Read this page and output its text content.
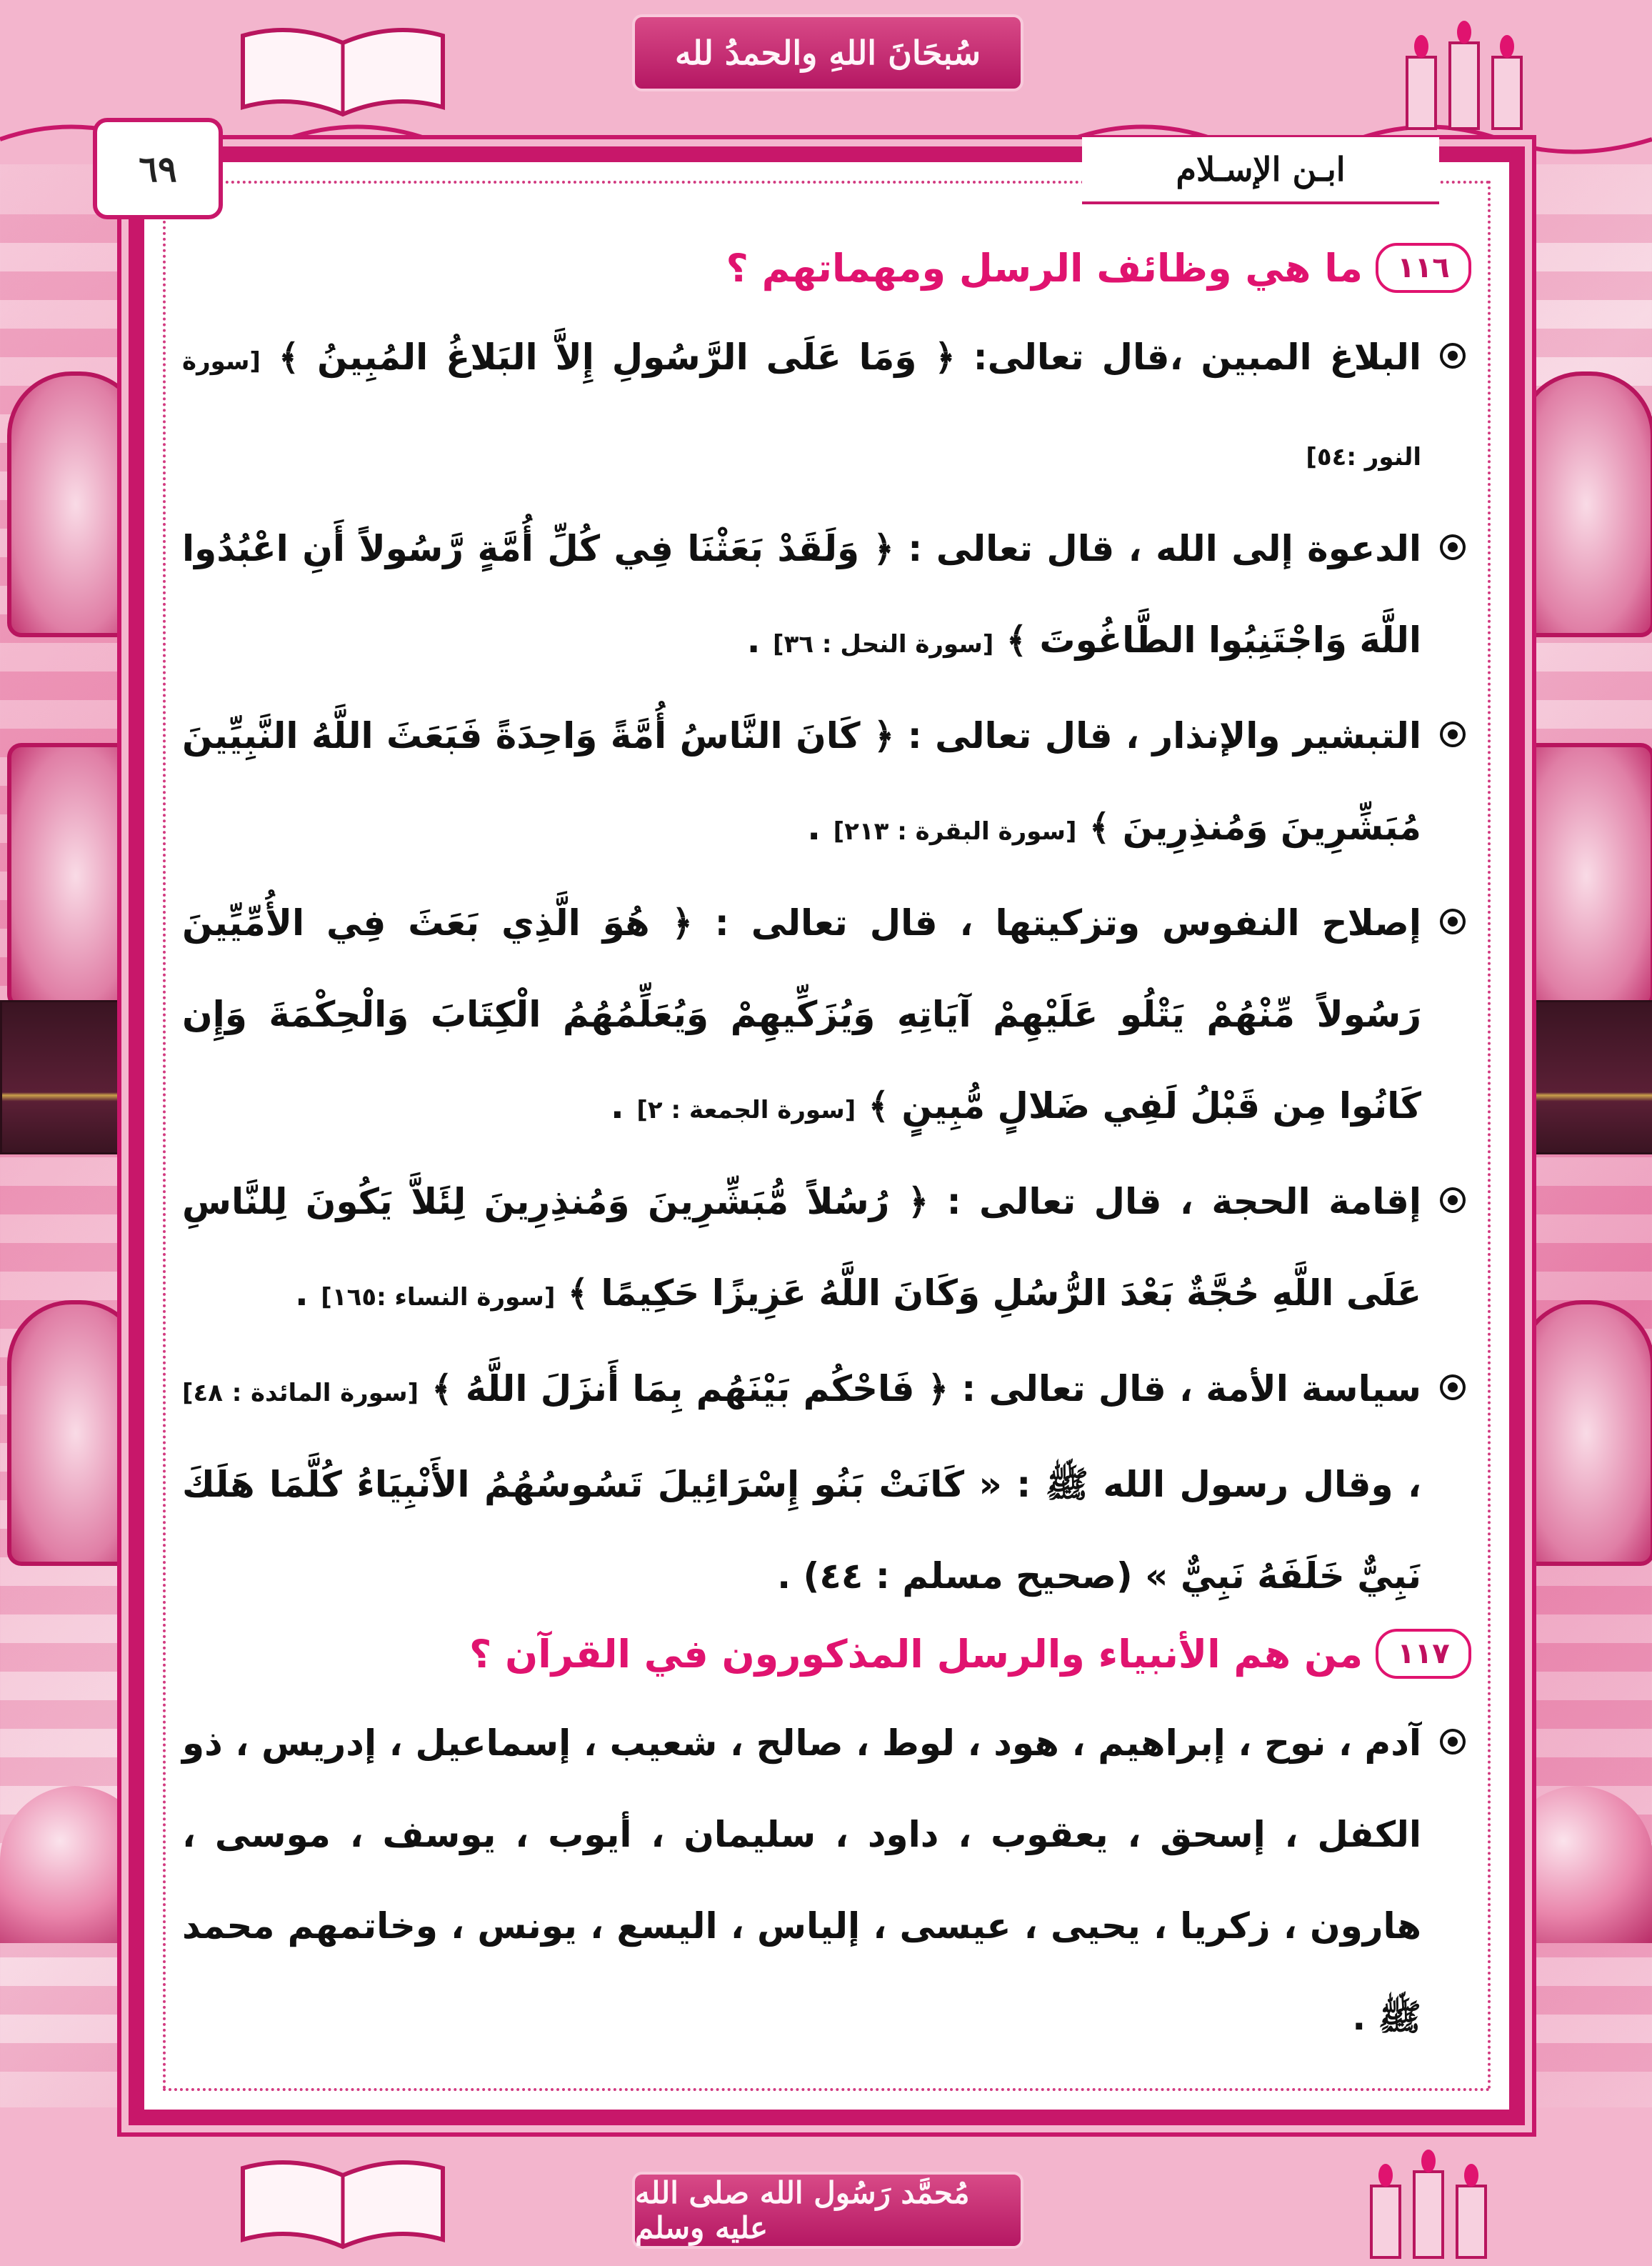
سُبحَانَ اللهِ والحمدُ لله
مُحمَّد رَسُول الله صلى الله عليه وسلم
٦٩	ابـن الإسـلام
١١٦
ما هي وظائف الرسل ومهماتهم ؟

البلاغ المبين ،قال تعالى: ﴿ وَمَا عَلَى الرَّسُولِ إِلاَّ البَلاغُ المُبِينُ ﴾ [سورة النور :٥٤]

الدعوة إلى الله ، قال تعالى : ﴿ وَلَقَدْ بَعَثْنَا فِي كُلِّ أُمَّةٍ رَّسُولاً أَنِ اعْبُدُوا اللَّهَ وَاجْتَنِبُوا الطَّاغُوتَ ﴾ [سورة النحل : ٣٦] .

التبشير والإنذار ، قال تعالى : ﴿ كَانَ النَّاسُ أُمَّةً وَاحِدَةً فَبَعَثَ اللَّهُ النَّبِيِّينَ مُبَشِّرِينَ وَمُنذِرِينَ ﴾ [سورة البقرة : ٢١٣] .

إصلاح النفوس وتزكيتها ، قال تعالى : ﴿ هُوَ الَّذِي بَعَثَ فِي الأُمِّيِّينَ رَسُولاً مِّنْهُمْ يَتْلُو عَلَيْهِمْ آيَاتِهِ وَيُزَكِّيهِمْ وَيُعَلِّمُهُمُ الْكِتَابَ وَالْحِكْمَةَ وَإِن كَانُوا مِن قَبْلُ لَفِي ضَلالٍ مُّبِينٍ ﴾ [سورة الجمعة : ٢] .

إقامة الحجة ، قال تعالى : ﴿ رُسُلاً مُّبَشِّرِينَ وَمُنذِرِينَ لِئَلاَّ يَكُونَ لِلنَّاسِ عَلَى اللَّهِ حُجَّةٌ بَعْدَ الرُّسُلِ وَكَانَ اللَّهُ عَزِيزًا حَكِيمًا ﴾ [سورة النساء :١٦٥] .

سياسة الأمة ، قال تعالى : ﴿ فَاحْكُم بَيْنَهُم بِمَا أَنزَلَ اللَّهُ ﴾ [سورة المائدة : ٤٨] ، وقال رسول الله ﷺ : « كَانَتْ بَنُو إِسْرَائِيلَ تَسُوسُهُمُ الأَنْبِيَاءُ كُلَّمَا هَلَكَ نَبِيٌّ خَلَفَهُ نَبِيٌّ » (صحيح مسلم : ٤٤) .

١١٧
من هم الأنبياء والرسل المذكورون في القرآن ؟

آدم ، نوح ، إبراهيم ، هود ، لوط ، صالح ، شعيب ، إسماعيل ، إدريس ، ذو الكفل ، إسحق ، يعقوب ، داود ، سليمان ، أيوب ، يوسف ، موسى ، هارون ، زكريا ، يحيى ، عيسى ، إلياس ، اليسع ، يونس ، وخاتمهم محمد ﷺ .
